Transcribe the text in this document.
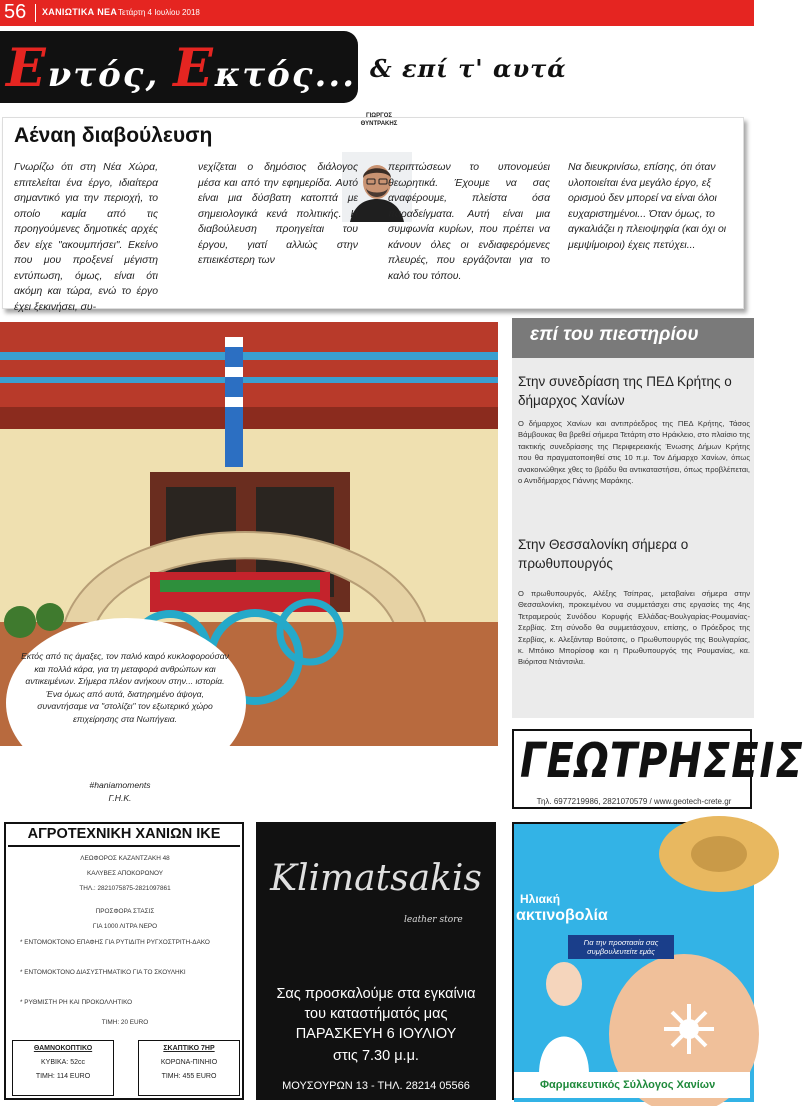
56 ΧΑΝΙΩΤΙΚΑ ΝΕΑ Τετάρτη 4 Ιουλίου 2018
Εντός, Εκτός... & επί τ' αυτά
Αέναη διαβούλευση
ΓΙΩΡΓΟΣ
ΘΥΝΤΡΑΚΗΣ
Γνωρίζω ότι στη Νέα Χώρα, επιτελείται ένα έργο, ιδιαίτερα σημαντικό για την περιοχή, το οποίο καμία από τις προηγούμενες δημοτικές αρχές δεν είχε "ακουμπήσει". Εκείνο που μου προξενεί μέγιστη εντύπωση, όμως, είναι ότι ακόμη και τώρα, ενώ το έργο έχει ξεκινήσει, συ-
νεχίζεται ο δημόσιος διάλογος μέσα και από την εφημερίδα. Αυτό είναι μια δύσβατη κατοπτά με σημειολογικά κενά πολιτικής. Η διαβούλευση προηγείται του έργου, γιατί αλλιώς στην επιεικέστερη των
περιπτώσεων το υπονομεύει θεωρητικά. Έχουμε να σας αναφέρουμε, πλείστα όσα παραδείγματα. Αυτή είναι μια συμφωνία κυρίων, που πρέπει να κάνουν όλες οι ενδιαφερόμενες πλευρές, που εργάζονται για το καλό του τόπου.
Να διευκρινίσω, επίσης, ότι όταν υλοποιείται ένα μεγάλο έργο, εξ ορισμού δεν μπορεί να είναι όλοι ευχαριστημένοι... Όταν όμως, το αγκαλιάζει η πλειοψηφία (και όχι οι μεμψίμοιροι) έχεις πετύχει...
Εκτός από τις άμαξες, τον παλιό καιρό κυκλοφορούσαν και πολλά κάρα, για τη μεταφορά ανθρώπων και αντικειμένων. Σήμερα πλέον ανήκουν στην... ιστορία. Ένα όμως από αυτά, διατηρημένο άψογα, συναντήσαμε να "στολίζει" τον εξωτερικό χώρο επιχείρησης στα Νωπήγεια.
#haniamoments
Γ.Η.Κ.
επί του πιεστηρίου
Στην συνεδρίαση της ΠΕΔ Κρήτης ο δήμαρχος Χανίων
Ο δήμαρχος Χανίων και αντιπρόεδρος της ΠΕΔ Κρήτης, Τάσος Βάμβουκας θα βρεθεί σήμερα Τετάρτη στο Ηράκλειο, στο πλαίσιο της τακτικής συνεδρίασης της Περιφερειακής Ένωσης Δήμων Κρήτης που θα πραγματοποιηθεί στις 10 π.μ. Τον Δήμαρχο Χανίων, όπως ανακοινώθηκε χθες το βράδυ θα αντικαταστήσει, όπως προβλέπεται, ο Αντιδήμαρχος Γιάννης Μαράκης.
Στην Θεσσαλονίκη σήμερα ο πρωθυπουργός
Ο πρωθυπουργός, Αλέξης Τσίπρας, μεταβαίνει σήμερα στην Θεσσαλονίκη, προκειμένου να συμμετάσχει στις εργασίες της 4ης Τετραμερούς Συνόδου Κορυφής Ελλάδας-Βουλγαρίας-Ρουμανίας-Σερβίας. Στη σύνοδο θα συμμετάσχουν, επίσης, ο Πρόεδρος της Σερβίας, κ. Αλεξάνταρ Βούτσιτς, ο Πρωθυπουργός της Βουλγαρίας, κ. Μπόικο Μπορίσοφ και η Πρωθυπουργός της Ρουμανίας, κα. Βιόριτσα Ντάντσιλα.
ΓΕΩΤΡΗΣΕΙΣ
Τηλ. 6977219986, 2821070579 / www.geotech-crete.gr
ΑΓΡΟΤΕΧΝΙΚΗ ΧΑΝΙΩΝ ΙΚΕ
ΛΕΩΦΟΡΟΣ ΚΑΖΑΝΤΖΑΚΗ 48
ΚΑΛΥΒΕΣ ΑΠΟΚΟΡΩΝΟΥ
ΤΗΛ.: 2821075875-2821097861
ΠΡΟΣΦΟΡΑ ΣΤΑΣΙΣ
ΓΙΑ 1000 ΛΙΤΡΑ ΝΕΡΟ
* ΕΝΤΟΜΟΚΤΟΝΟ ΕΠΑΦΗΣ ΓΙΑ ΡΥΤΙΔΙΤΗ ΡΥΓΧΟΣΤΡΙΤΗ-ΔΑΚΟ
* ΕΝΤΟΜΟΚΤΟΝΟ ΔΙΑΣΥΣΤΗΜΑΤΙΚΟ ΓΙΑ ΤΟ ΣΚΟΥΛΗΚΙ
* ΡΥΘΜΙΣΤΗ PH ΚΑΙ ΠΡΟΚΟΛΛΗΤΙΚΟ
ΤΙΜΗ: 20 EURO
ΘΑΜΝΟΚΟΠΤΙΚΟ
ΚΥΒΙΚΑ: 52cc
ΤΙΜΗ: 114 EURO
ΣΚΑΠΤΙΚΟ 7HP
ΚΟΡΩΝΑ-ΠΙΝΗΙΟ
ΤΙΜΗ: 455 EURO
Klimatsakis
leather store
Σας προσκαλούμε στα εγκαίνια
του καταστήματός μας
ΠΑΡΑΣΚΕΥΗ 6 ΙΟΥΛΙΟΥ
στις 7.30 μ.μ.
ΜΟΥΣΟΥΡΩΝ 13 - ΤΗΛ. 28214 05566
Ηλιακή
ακτινοβολία
Για την προστασία σας συμβουλευτείτε εμάς
Φαρμακευτικός Σύλλογος Χανίων
